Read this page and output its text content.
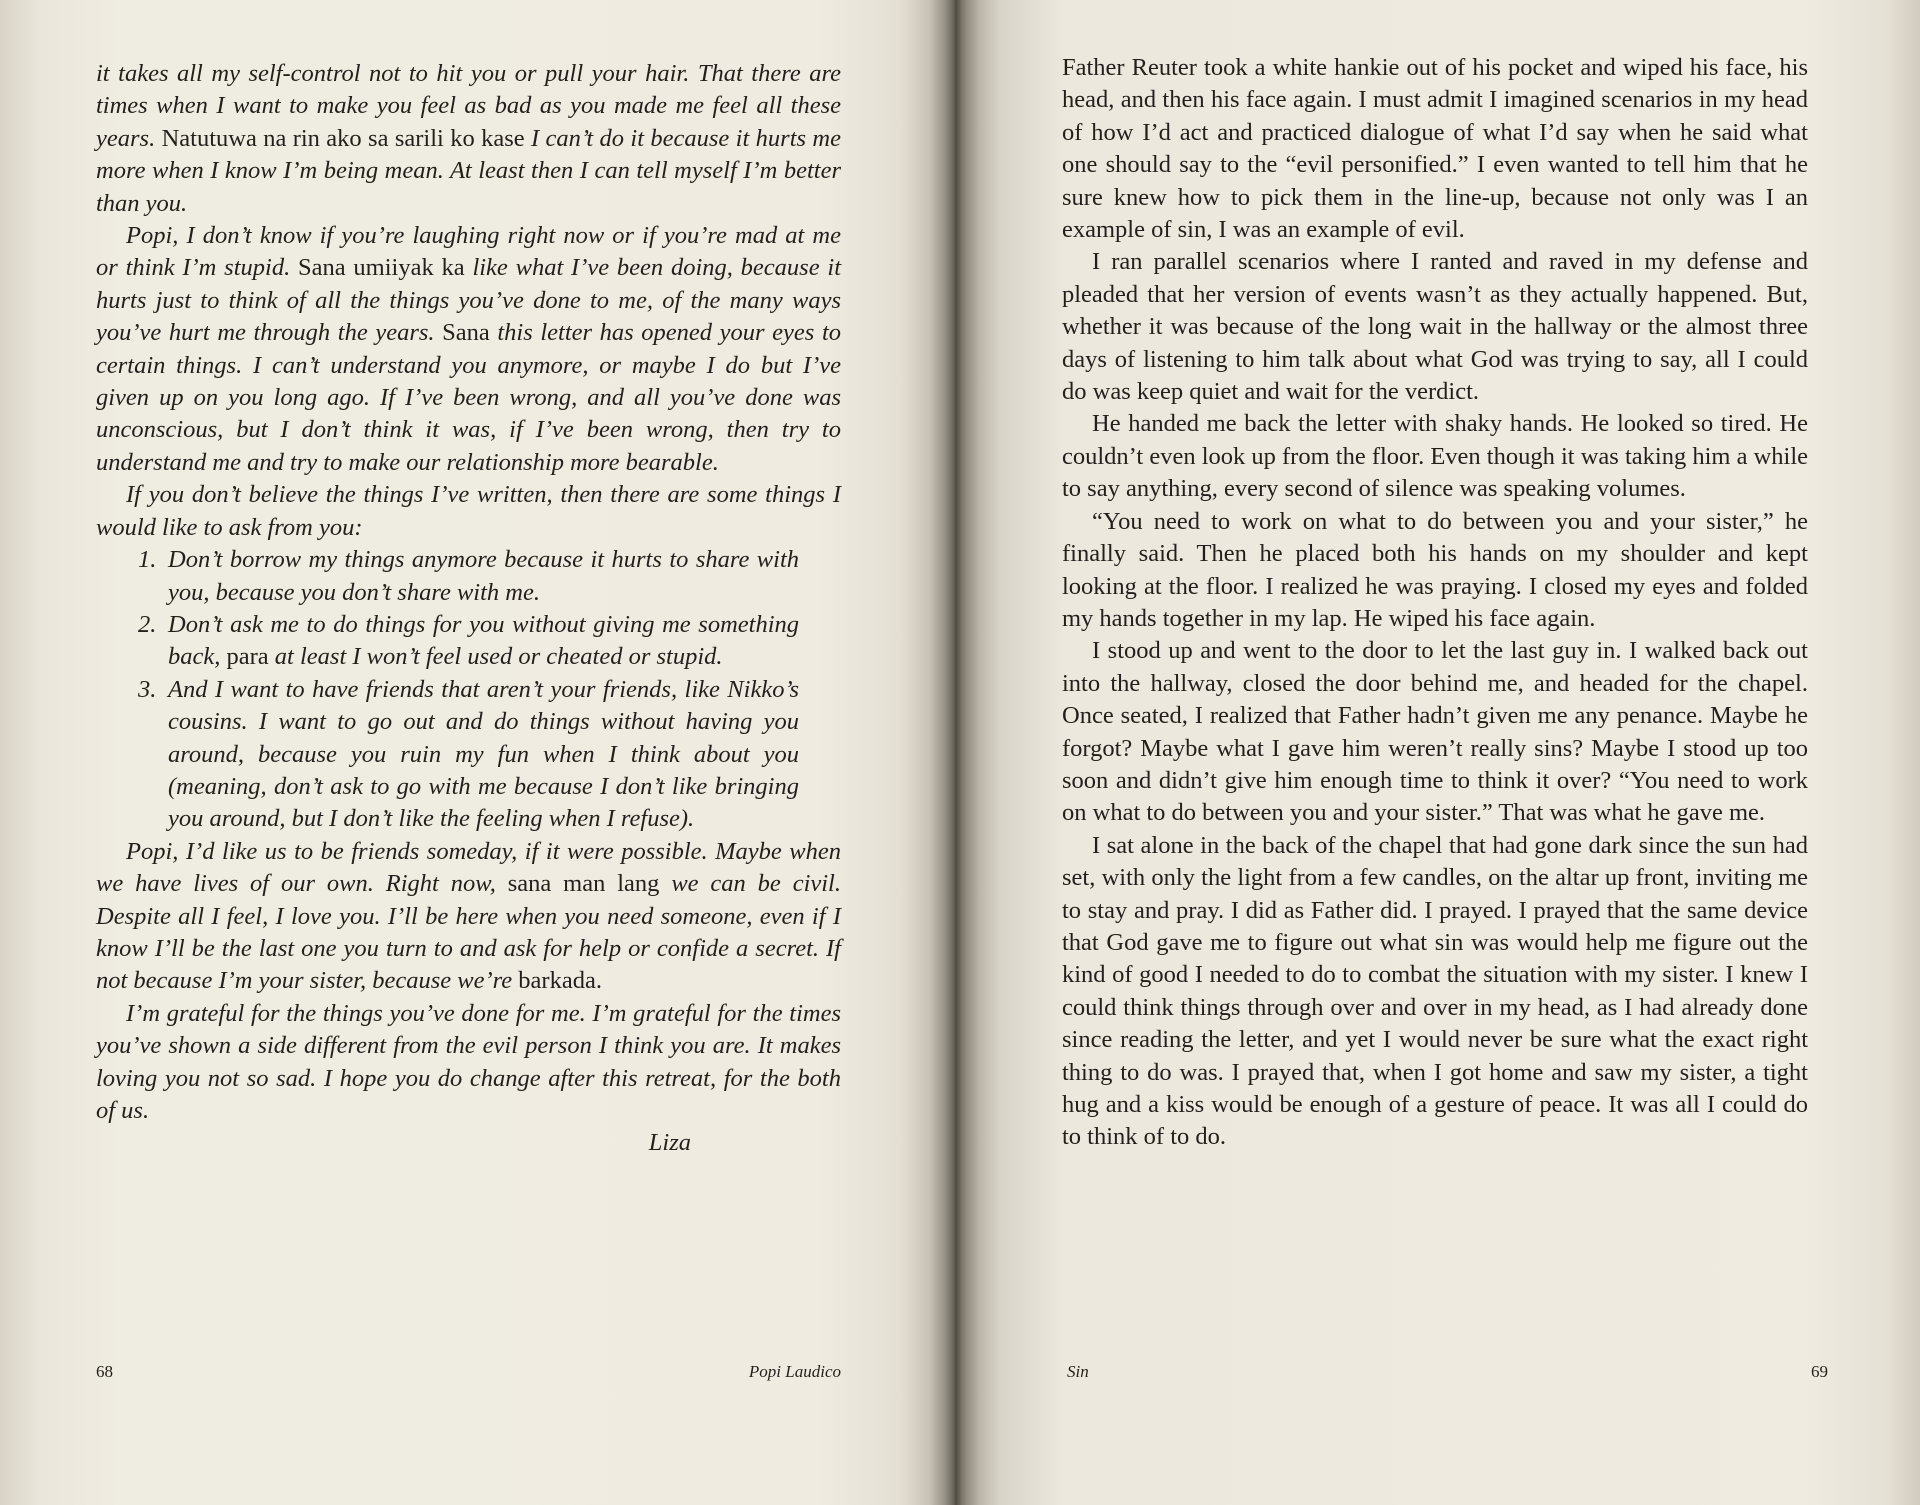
it takes all my self-control not to hit you or pull your hair. That there are times when I want to make you feel as bad as you made me feel all these years. Natutuwa na rin ako sa sarili ko kase I can’t do it because it hurts me more when I know I’m being mean. At least then I can tell myself I’m better than you.

Popi, I don’t know if you’re laughing right now or if you’re mad at me or think I’m stupid. Sana umiiyak ka like what I’ve been doing, because it hurts just to think of all the things you’ve done to me, of the many ways you’ve hurt me through the years. Sana this letter has opened your eyes to certain things. I can’t understand you anymore, or maybe I do but I’ve given up on you long ago. If I’ve been wrong, and all you’ve done was unconscious, but I don’t think it was, if I’ve been wrong, then try to understand me and try to make our relationship more bearable.

If you don’t believe the things I’ve written, then there are some things I would like to ask from you:

1. Don’t borrow my things anymore because it hurts to share with you, because you don’t share with me.
2. Don’t ask me to do things for you without giving me something back, para at least I won’t feel used or cheated or stupid.
3. And I want to have friends that aren’t your friends, like Nikko’s cousins. I want to go out and do things without having you around, because you ruin my fun when I think about you (meaning, don’t ask to go with me because I don’t like bringing you around, but I don’t like the feeling when I refuse).

Popi, I’d like us to be friends someday, if it were possible. Maybe when we have lives of our own. Right now, sana man lang we can be civil. Despite all I feel, I love you. I’ll be here when you need someone, even if I know I’ll be the last one you turn to and ask for help or confide a secret. If not because I’m your sister, because we’re barkada.

I’m grateful for the things you’ve done for me. I’m grateful for the times you’ve shown a side different from the evil person I think you are. It makes loving you not so sad. I hope you do change after this retreat, for the both of us.

Liza

68	Popi Laudico

Father Reuter took a white hankie out of his pocket and wiped his face, his head, and then his face again. I must admit I imagined scenarios in my head of how I’d act and practiced dialogue of what I’d say when he said what one should say to the “evil personified.” I even wanted to tell him that he sure knew how to pick them in the line-up, because not only was I an example of sin, I was an example of evil.

I ran parallel scenarios where I ranted and raved in my defense and pleaded that her version of events wasn’t as they actually happened. But, whether it was because of the long wait in the hallway or the almost three days of listening to him talk about what God was trying to say, all I could do was keep quiet and wait for the verdict.

He handed me back the letter with shaky hands. He looked so tired. He couldn’t even look up from the floor. Even though it was taking him a while to say anything, every second of silence was speaking volumes.

“You need to work on what to do between you and your sister,” he finally said. Then he placed both his hands on my shoulder and kept looking at the floor. I realized he was praying. I closed my eyes and folded my hands together in my lap. He wiped his face again.

I stood up and went to the door to let the last guy in. I walked back out into the hallway, closed the door behind me, and headed for the chapel. Once seated, I realized that Father hadn’t given me any penance. Maybe he forgot? Maybe what I gave him weren’t really sins? Maybe I stood up too soon and didn’t give him enough time to think it over? “You need to work on what to do between you and your sister.” That was what he gave me.

I sat alone in the back of the chapel that had gone dark since the sun had set, with only the light from a few candles, on the altar up front, inviting me to stay and pray. I did as Father did. I prayed. I prayed that the same device that God gave me to figure out what sin was would help me figure out the kind of good I needed to do to combat the situation with my sister. I knew I could think things through over and over in my head, as I had already done since reading the letter, and yet I would never be sure what the exact right thing to do was. I prayed that, when I got home and saw my sister, a tight hug and a kiss would be enough of a gesture of peace. It was all I could do to think of to do.

Sin	69
